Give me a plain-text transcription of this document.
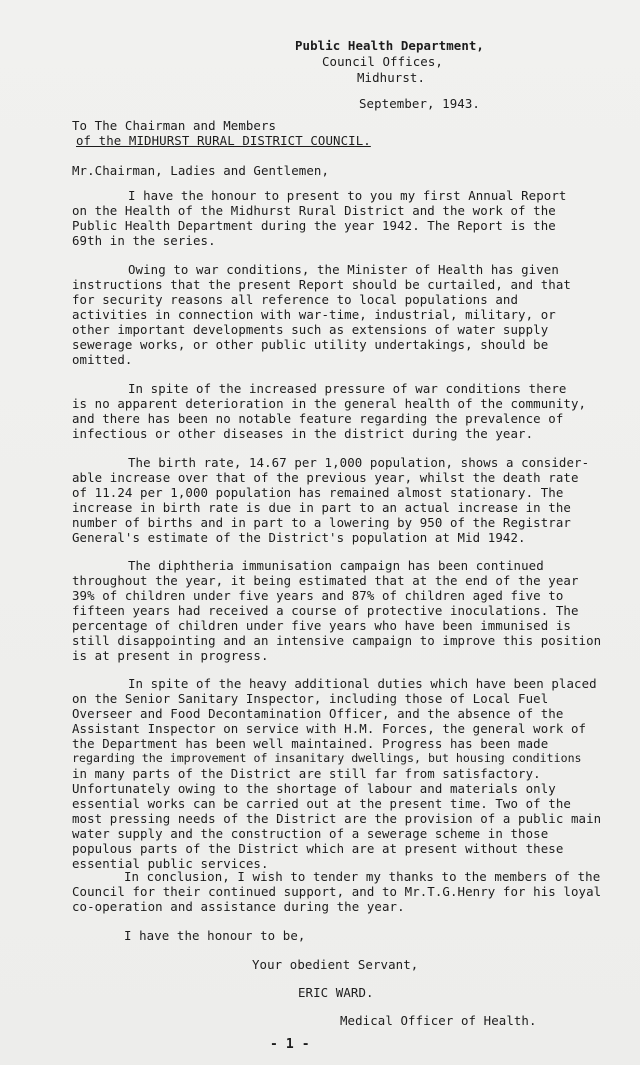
Public Health Department,
Council Offices,
Midhurst.
September, 1943.
To The Chairman and Members
of the MIDHURST RURAL DISTRICT COUNCIL.
Mr.Chairman, Ladies and Gentlemen,
I have the honour to present to you my first Annual Report
on the Health of the Midhurst Rural District and the work of the
Public Health Department during the year 1942. The Report is the
69th in the series.
Owing to war conditions, the Minister of Health has given
instructions that the present Report should be curtailed, and that
for security reasons all reference to local populations and
activities in connection with war-time, industrial, military, or
other important developments such as extensions of water supply
sewerage works, or other public utility undertakings, should be
omitted.
In spite of the increased pressure of war conditions there
is no apparent deterioration in the general health of the community,
and there has been no notable feature regarding the prevalence of
infectious or other diseases in the district during the year.
The birth rate, 14.67 per 1,000 population, shows a consider-
able increase over that of the previous year, whilst the death rate
of 11.24 per 1,000 population has remained almost stationary. The
increase in birth rate is due in part to an actual increase in the
number of births and in part to a lowering by 950 of the Registrar
General's estimate of the District's population at Mid 1942.
The diphtheria immunisation campaign has been continued
throughout the year, it being estimated that at the end of the year
39% of children under five years and 87% of children aged five to
fifteen years had received a course of protective inoculations. The
percentage of children under five years who have been immunised is
still disappointing and an intensive campaign to improve this position
is at present in progress.
In spite of the heavy additional duties which have been placed
on the Senior Sanitary Inspector, including those of Local Fuel
Overseer and Food Decontamination Officer, and the absence of the
Assistant Inspector on service with H.M. Forces, the general work of
the Department has been well maintained. Progress has been made
regarding the improvement of insanitary dwellings, but housing conditions
in many parts of the District are still far from satisfactory.
Unfortunately owing to the shortage of labour and materials only
essential works can be carried out at the present time. Two of the
most pressing needs of the District are the provision of a public main
water supply and the construction of a sewerage scheme in those
populous parts of the District which are at present without these
essential public services.
In conclusion, I wish to tender my thanks to the members of the
Council for their continued support, and to Mr.T.G.Henry for his loyal
co-operation and assistance during the year.
I have the honour to be,
Your obedient Servant,
ERIC WARD.
Medical Officer of Health.
- 1 -
